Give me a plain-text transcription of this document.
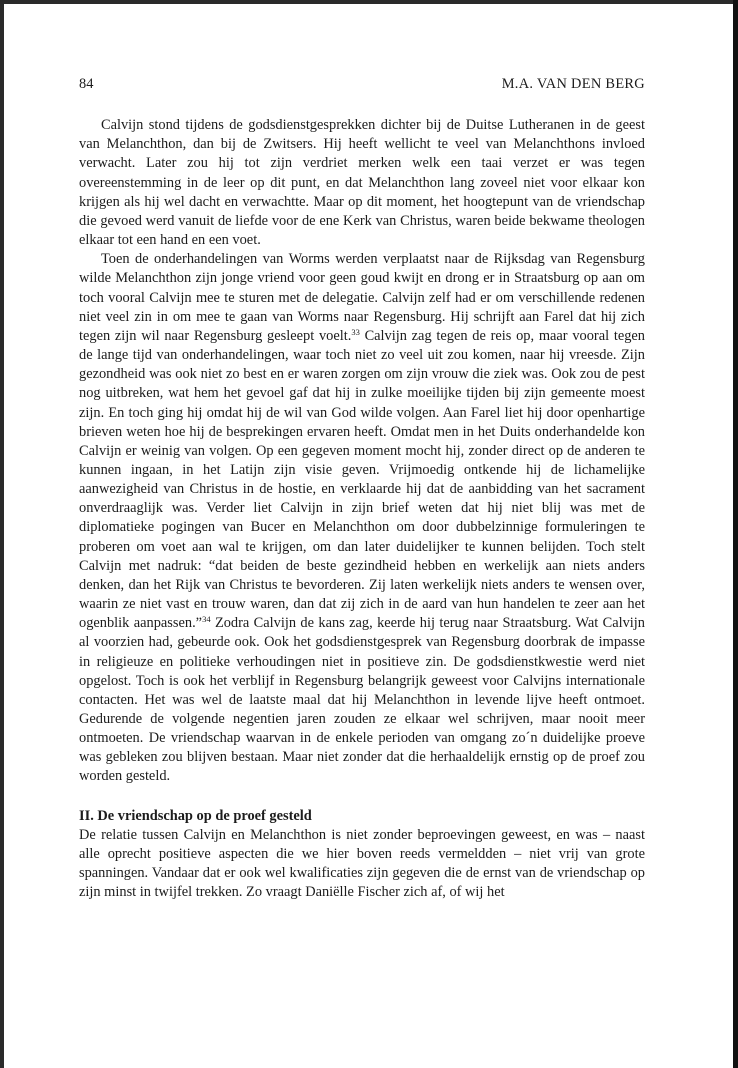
84	M.A. VAN DEN BERG

Calvijn stond tijdens de godsdienstgesprekken dichter bij de Duitse Lutheranen in de geest van Melanchthon, dan bij de Zwitsers. Hij heeft wellicht te veel van Melanchthons invloed verwacht. Later zou hij tot zijn verdriet merken welk een taai verzet er was tegen overeenstemming in de leer op dit punt, en dat Melanchthon lang zoveel niet voor elkaar kon krijgen als hij wel dacht en verwachtte. Maar op dit moment, het hoogtepunt van de vriendschap die gevoed werd vanuit de liefde voor de ene Kerk van Christus, waren beide bekwame theologen elkaar tot een hand en een voet.

Toen de onderhandelingen van Worms werden verplaatst naar de Rijksdag van Regensburg wilde Melanchthon zijn jonge vriend voor geen goud kwijt en drong er in Straatsburg op aan om toch vooral Calvijn mee te sturen met de delegatie. Calvijn zelf had er om verschillende redenen niet veel zin in om mee te gaan van Worms naar Regensburg. Hij schrijft aan Farel dat hij zich tegen zijn wil naar Regensburg gesleept voelt.$^{33}$ Calvijn zag tegen de reis op, maar vooral tegen de lange tijd van onderhandelingen, waar toch niet zo veel uit zou komen, naar hij vreesde. Zijn gezondheid was ook niet zo best en er waren zorgen om zijn vrouw die ziek was. Ook zou de pest nog uitbreken, wat hem het gevoel gaf dat hij in zulke moeilijke tijden bij zijn gemeente moest zijn. En toch ging hij omdat hij de wil van God wilde volgen. Aan Farel liet hij door openhartige brieven weten hoe hij de besprekingen ervaren heeft. Omdat men in het Duits onderhandelde kon Calvijn er weinig van volgen. Op een gegeven moment mocht hij, zonder direct op de anderen te kunnen ingaan, in het Latijn zijn visie geven. Vrijmoedig ontkende hij de lichamelijke aanwezigheid van Christus in de hostie, en verklaarde hij dat de aanbidding van het sacrament onverdraaglijk was. Verder liet Calvijn in zijn brief weten dat hij niet blij was met de diplomatieke pogingen van Bucer en Melanchthon om door dubbelzinnige formuleringen te proberen om voet aan wal te krijgen, om dan later duidelijker te kunnen belijden. Toch stelt Calvijn met nadruk: “dat beiden de beste gezindheid hebben en werkelijk aan niets anders denken, dan het Rijk van Christus te bevorderen. Zij laten werkelijk niets anders te wensen over, waarin ze niet vast en trouw waren, dan dat zij zich in de aard van hun handelen te zeer aan het ogenblik aanpassen.”$^{34}$ Zodra Calvijn de kans zag, keerde hij terug naar Straatsburg. Wat Calvijn al voorzien had, gebeurde ook. Ook het godsdienstgesprek van Regensburg doorbrak de impasse in religieuze en politieke verhoudingen niet in positieve zin. De godsdienstkwestie werd niet opgelost. Toch is ook het verblijf in Regensburg belangrijk geweest voor Calvijns internationale contacten. Het was wel de laatste maal dat hij Melanchthon in levende lijve heeft ontmoet. Gedurende de volgende negentien jaren zouden ze elkaar wel schrijven, maar nooit meer ontmoeten. De vriendschap waarvan in de enkele perioden van omgang zo´n duidelijke proeve was gebleken zou blijven bestaan. Maar niet zonder dat die herhaaldelijk ernstig op de proef zou worden gesteld.

II. De vriendschap op de proef gesteld

De relatie tussen Calvijn en Melanchthon is niet zonder beproevingen geweest, en was – naast alle oprecht positieve aspecten die we hier boven reeds vermeldden – niet vrij van grote spanningen. Vandaar dat er ook wel kwalificaties zijn gegeven die de ernst van de vriendschap op zijn minst in twijfel trekken. Zo vraagt Daniëlle Fischer zich af, of wij het
